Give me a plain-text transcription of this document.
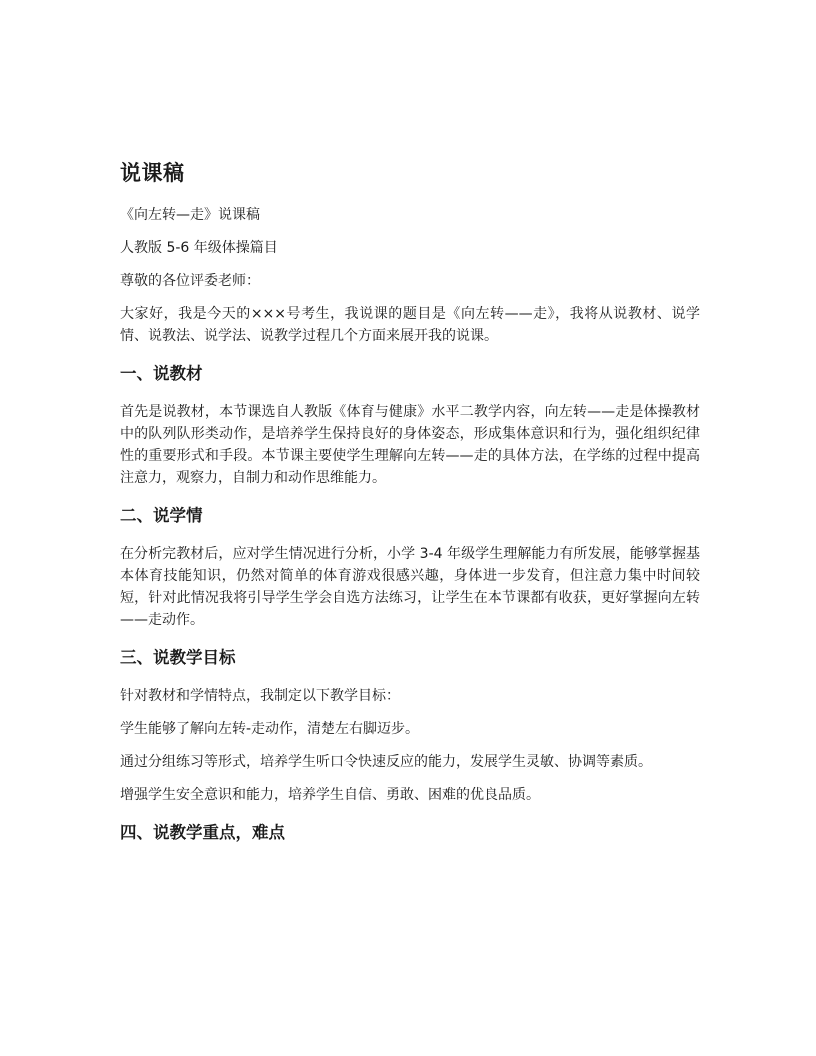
说课稿

《向左转—走》说课稿

人教版 5-6 年级体操篇目

尊敬的各位评委老师：

大家好，我是今天的×××号考生，我说课的题目是《向左转——走》，我将从说教材、说学情、说教法、说学法、说教学过程几个方面来展开我的说课。

一、说教材

首先是说教材，本节课选自人教版《体育与健康》水平二教学内容，向左转——走是体操教材中的队列队形类动作，是培养学生保持良好的身体姿态，形成集体意识和行为，强化组织纪律性的重要形式和手段。本节课主要使学生理解向左转——走的具体方法，在学练的过程中提高注意力，观察力，自制力和动作思维能力。

二、说学情

在分析完教材后，应对学生情况进行分析，小学 3-4 年级学生理解能力有所发展，能够掌握基本体育技能知识，仍然对简单的体育游戏很感兴趣，身体进一步发育，但注意力集中时间较短，针对此情况我将引导学生学会自选方法练习，让学生在本节课都有收获，更好掌握向左转——走动作。

三、说教学目标

针对教材和学情特点，我制定以下教学目标：

学生能够了解向左转-走动作，清楚左右脚迈步。

通过分组练习等形式，培养学生听口令快速反应的能力，发展学生灵敏、协调等素质。

增强学生安全意识和能力，培养学生自信、勇敢、困难的优良品质。

四、说教学重点，难点
